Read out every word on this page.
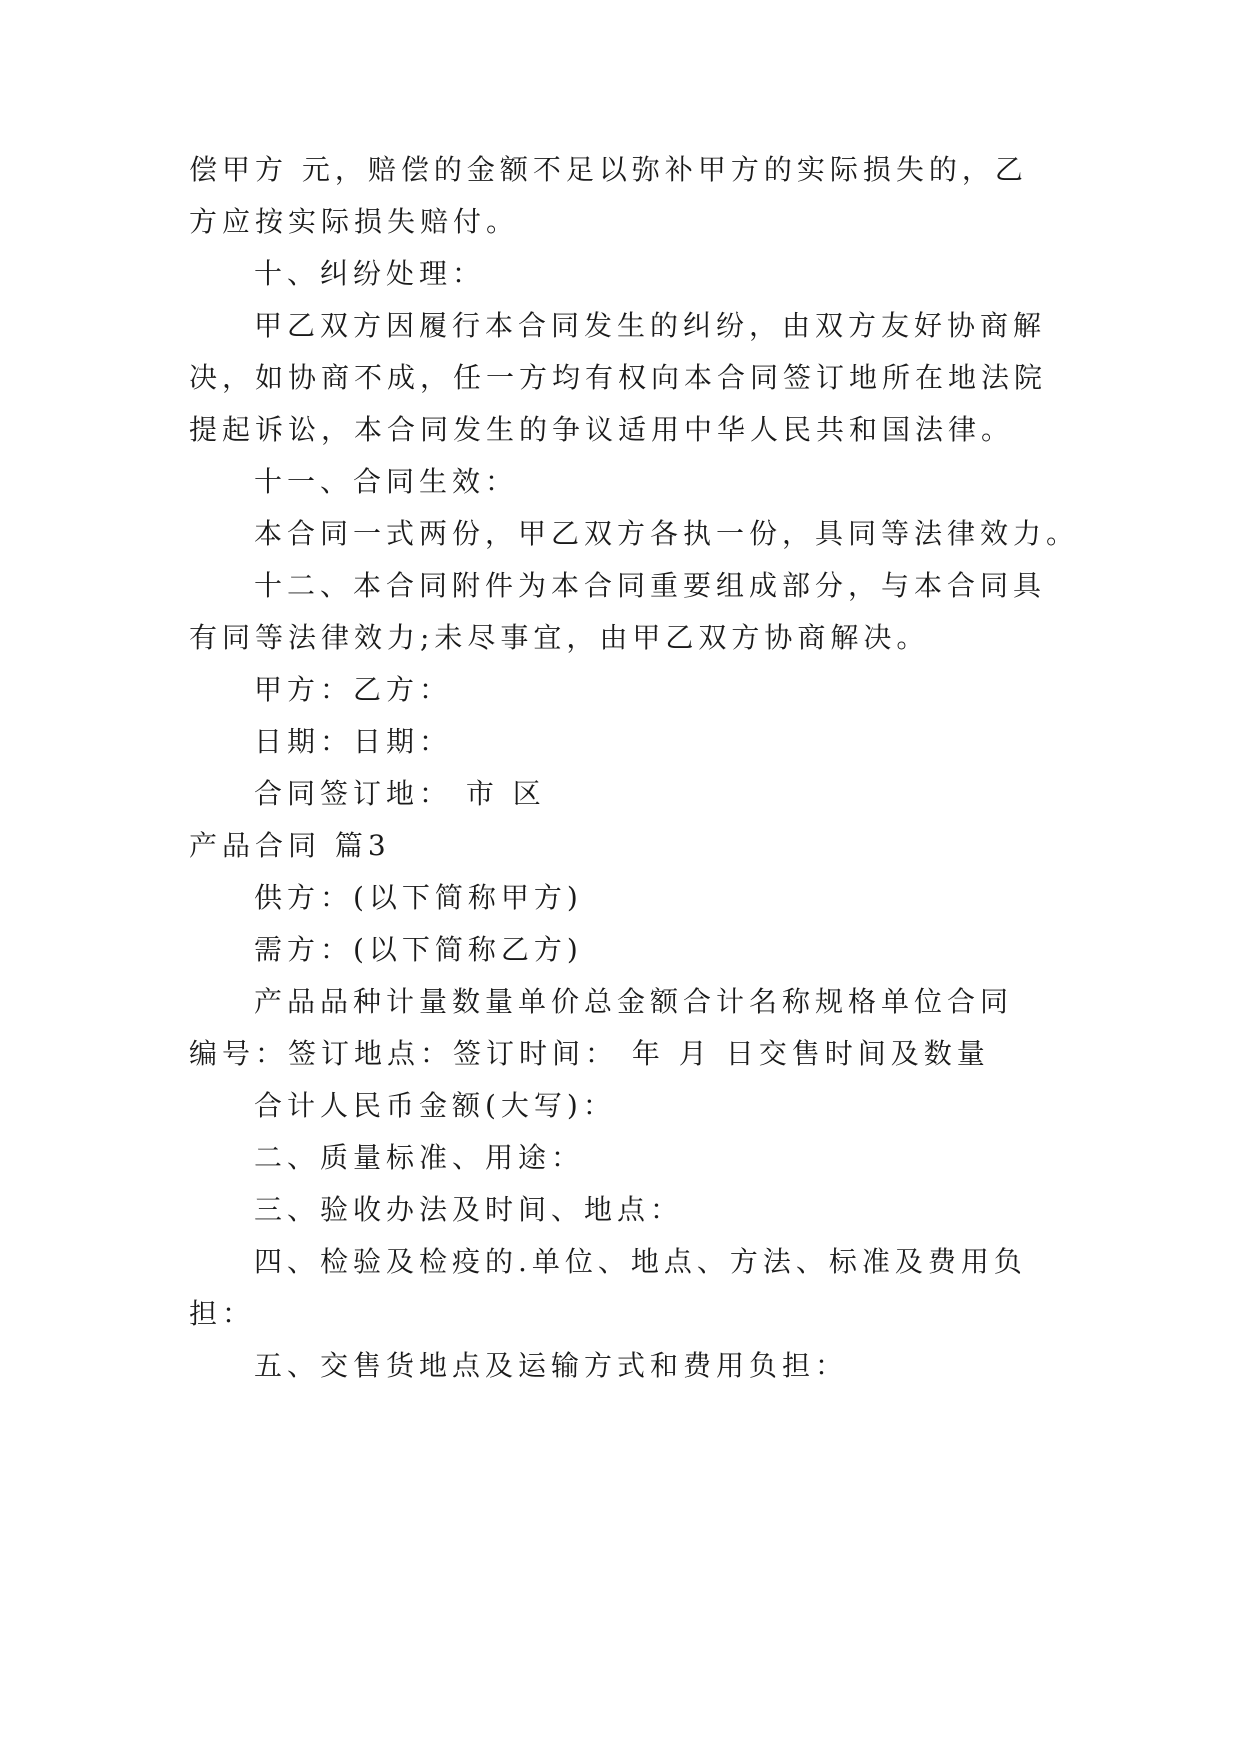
偿甲方 元，赔偿的金额不足以弥补甲方的实际损失的，乙

方应按实际损失赔付。

十、纠纷处理：

甲乙双方因履行本合同发生的纠纷，由双方友好协商解

决，如协商不成，任一方均有权向本合同签订地所在地法院

提起诉讼，本合同发生的争议适用中华人民共和国法律。

十一、合同生效：

本合同一式两份，甲乙双方各执一份，具同等法律效力。

十二、本合同附件为本合同重要组成部分，与本合同具

有同等法律效力;未尽事宜，由甲乙双方协商解决。

甲方：乙方：

日期：日期：

合同签订地： 市 区

产品合同 篇3

供方：(以下简称甲方)

需方：(以下简称乙方)

产品品种计量数量单价总金额合计名称规格单位合同

编号：签订地点：签订时间： 年 月 日交售时间及数量

合计人民币金额(大写)：

二、质量标准、用途：

三、验收办法及时间、地点：

四、检验及检疫的.单位、地点、方法、标准及费用负

担：

五、交售货地点及运输方式和费用负担：
